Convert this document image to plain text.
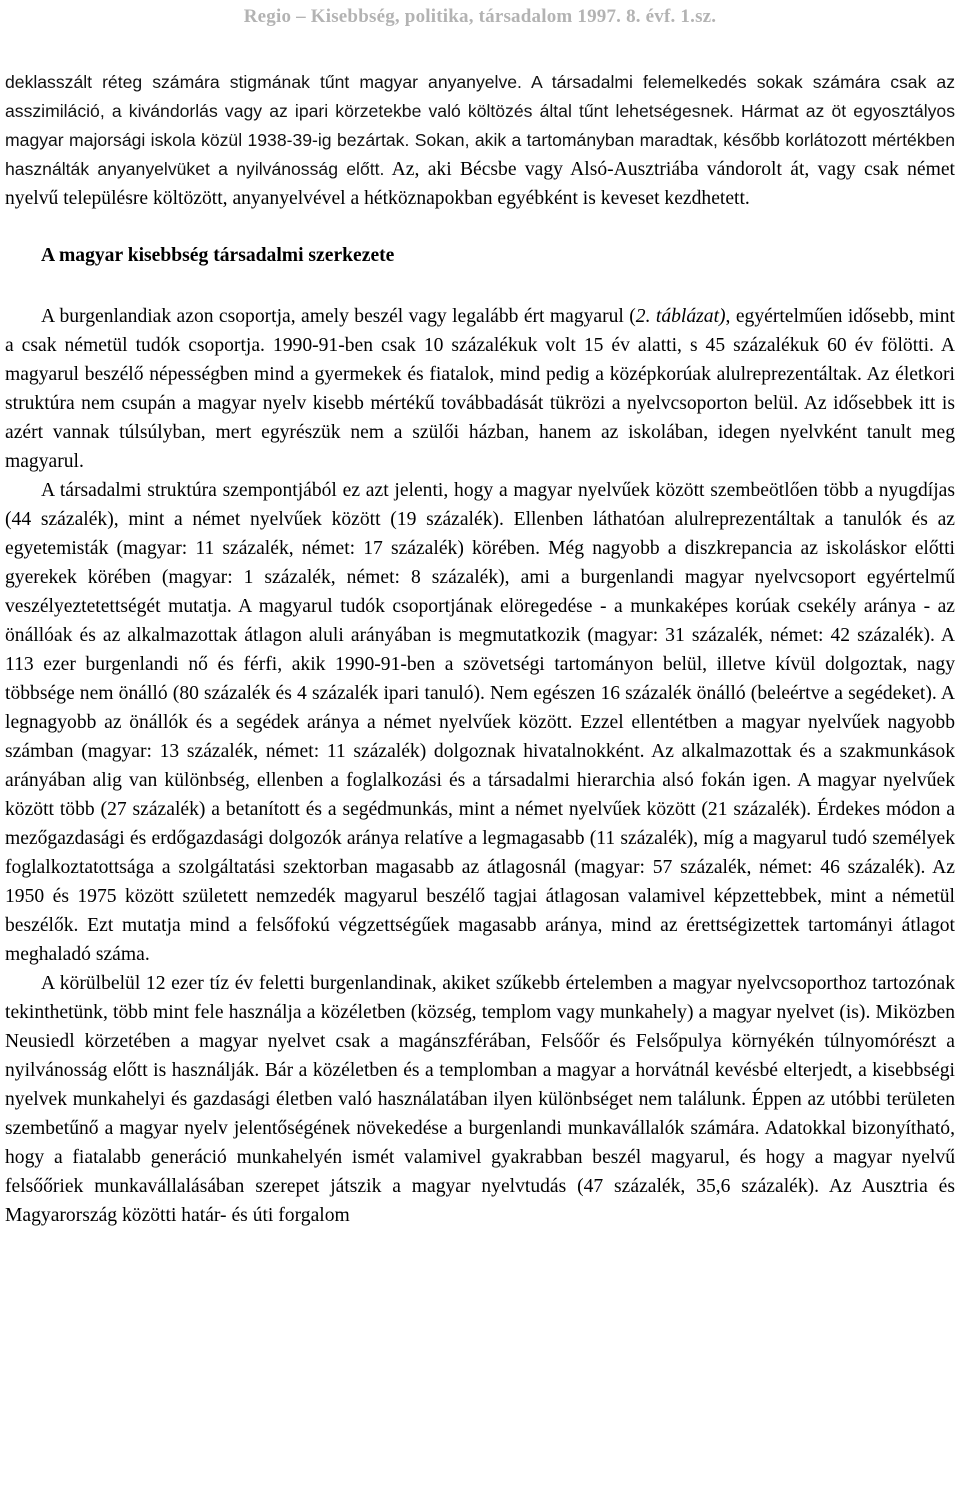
Regio – Kisebbség, politika, társadalom 1997. 8. évf. 1.sz.

deklasszált réteg számára stigmának tűnt magyar anyanyelve. A társadalmi felemelkedés sokak számára csak az asszimiláció, a kivándorlás vagy az ipari körzetekbe való költözés által tűnt lehetségesnek. Hármat az öt egyosztályos magyar majorsági iskola közül 1938-39-ig bezártak. Sokan, akik a tartományban maradtak, később korlátozott mértékben használták anyanyelvüket a nyilvánosság előtt. Az, aki Bécsbe vagy Alsó-Ausztriába vándorolt át, vagy csak német nyelvű településre költözött, anyanyelvével a hétköznapokban egyébként is keveset kezdhetett.

A magyar kisebbség társadalmi szerkezete

A burgenlandiak azon csoportja, amely beszél vagy legalább ért magyarul (2. táblázat), egyértelműen idősebb, mint a csak németül tudók csoportja. 1990-91-ben csak 10 százalékuk volt 15 év alatti, s 45 százalékuk 60 év fölötti. A magyarul beszélő népességben mind a gyermekek és fiatalok, mind pedig a középkorúak alulreprezentáltak. Az életkori struktúra nem csupán a magyar nyelv kisebb mértékű továbbadását tükrözi a nyelvcsoporton belül. Az idősebbek itt is azért vannak túlsúlyban, mert egyrészük nem a szülői házban, hanem az iskolában, idegen nyelvként tanult meg magyarul.

A társadalmi struktúra szempontjából ez azt jelenti, hogy a magyar nyelvűek között szembeötlően több a nyugdíjas (44 százalék), mint a német nyelvűek között (19 százalék). Ellenben láthatóan alulreprezentáltak a tanulók és az egyetemisták (magyar: 11 százalék, német: 17 százalék) körében. Még nagyobb a diszkrepancia az iskoláskor előtti gyerekek körében (magyar: 1 százalék, német: 8 százalék), ami a burgenlandi magyar nyelvcsoport egyértelmű veszélyeztetettségét mutatja. A magyarul tudók csoportjának elöregedése - a munkaképes korúak csekély aránya - az önállóak és az alkalmazottak átlagon aluli arányában is megmutatkozik (magyar: 31 százalék, német: 42 százalék). A 113 ezer burgenlandi nő és férfi, akik 1990-91-ben a szövetségi tartományon belül, illetve kívül dolgoztak, nagy többsége nem önálló (80 százalék és 4 százalék ipari tanuló). Nem egészen 16 százalék önálló (beleértve a segédeket). A legnagyobb az önállók és a segédek aránya a német nyelvűek között. Ezzel ellentétben a magyar nyelvűek nagyobb számban (magyar: 13 százalék, német: 11 százalék) dolgoznak hivatalnokként. Az alkalmazottak és a szakmunkások arányában alig van különbség, ellenben a foglalkozási és a társadalmi hierarchia alsó fokán igen. A magyar nyelvűek között több (27 százalék) a betanított és a segédmunkás, mint a német nyelvűek között (21 százalék). Érdekes módon a mezőgazdasági és erdőgazdasági dolgozók aránya relatíve a legmagasabb (11 százalék), míg a magyarul tudó személyek foglalkoztatottsága a szolgáltatási szektorban magasabb az átlagosnál (magyar: 57 százalék, német: 46 százalék). Az 1950 és 1975 között született nemzedék magyarul beszélő tagjai átlagosan valamivel képzettebbek, mint a németül beszélők. Ezt mutatja mind a felsőfokú végzettségűek magasabb aránya, mind az érettségizettek tartományi átlagot meghaladó száma.

A körülbelül 12 ezer tíz év feletti burgenlandinak, akiket szűkebb értelemben a magyar nyelvcsoporthoz tartozónak tekinthetünk, több mint fele használja a közéletben (község, templom vagy munkahely) a magyar nyelvet (is). Miközben Neusiedl körzetében a magyar nyelvet csak a magánszférában, Felsőőr és Felsőpulya környékén túlnyomórészt a nyilvánosság előtt is használják. Bár a közéletben és a templomban a magyar a horvátnál kevésbé elterjedt, a kisebbségi nyelvek munkahelyi és gazdasági életben való használatában ilyen különbséget nem találunk. Éppen az utóbbi területen szembetűnő a magyar nyelv jelentőségének növekedése a burgenlandi munkavállalók számára. Adatokkal bizonyítható, hogy a fiatalabb generáció munkahelyén ismét valamivel gyakrabban beszél magyarul, és hogy a magyar nyelvű felsőőriek munkavállalásában szerepet játszik a magyar nyelvtudás (47 százalék, 35,6 százalék). Az Ausztria és Magyarország közötti határ- és úti forgalom
